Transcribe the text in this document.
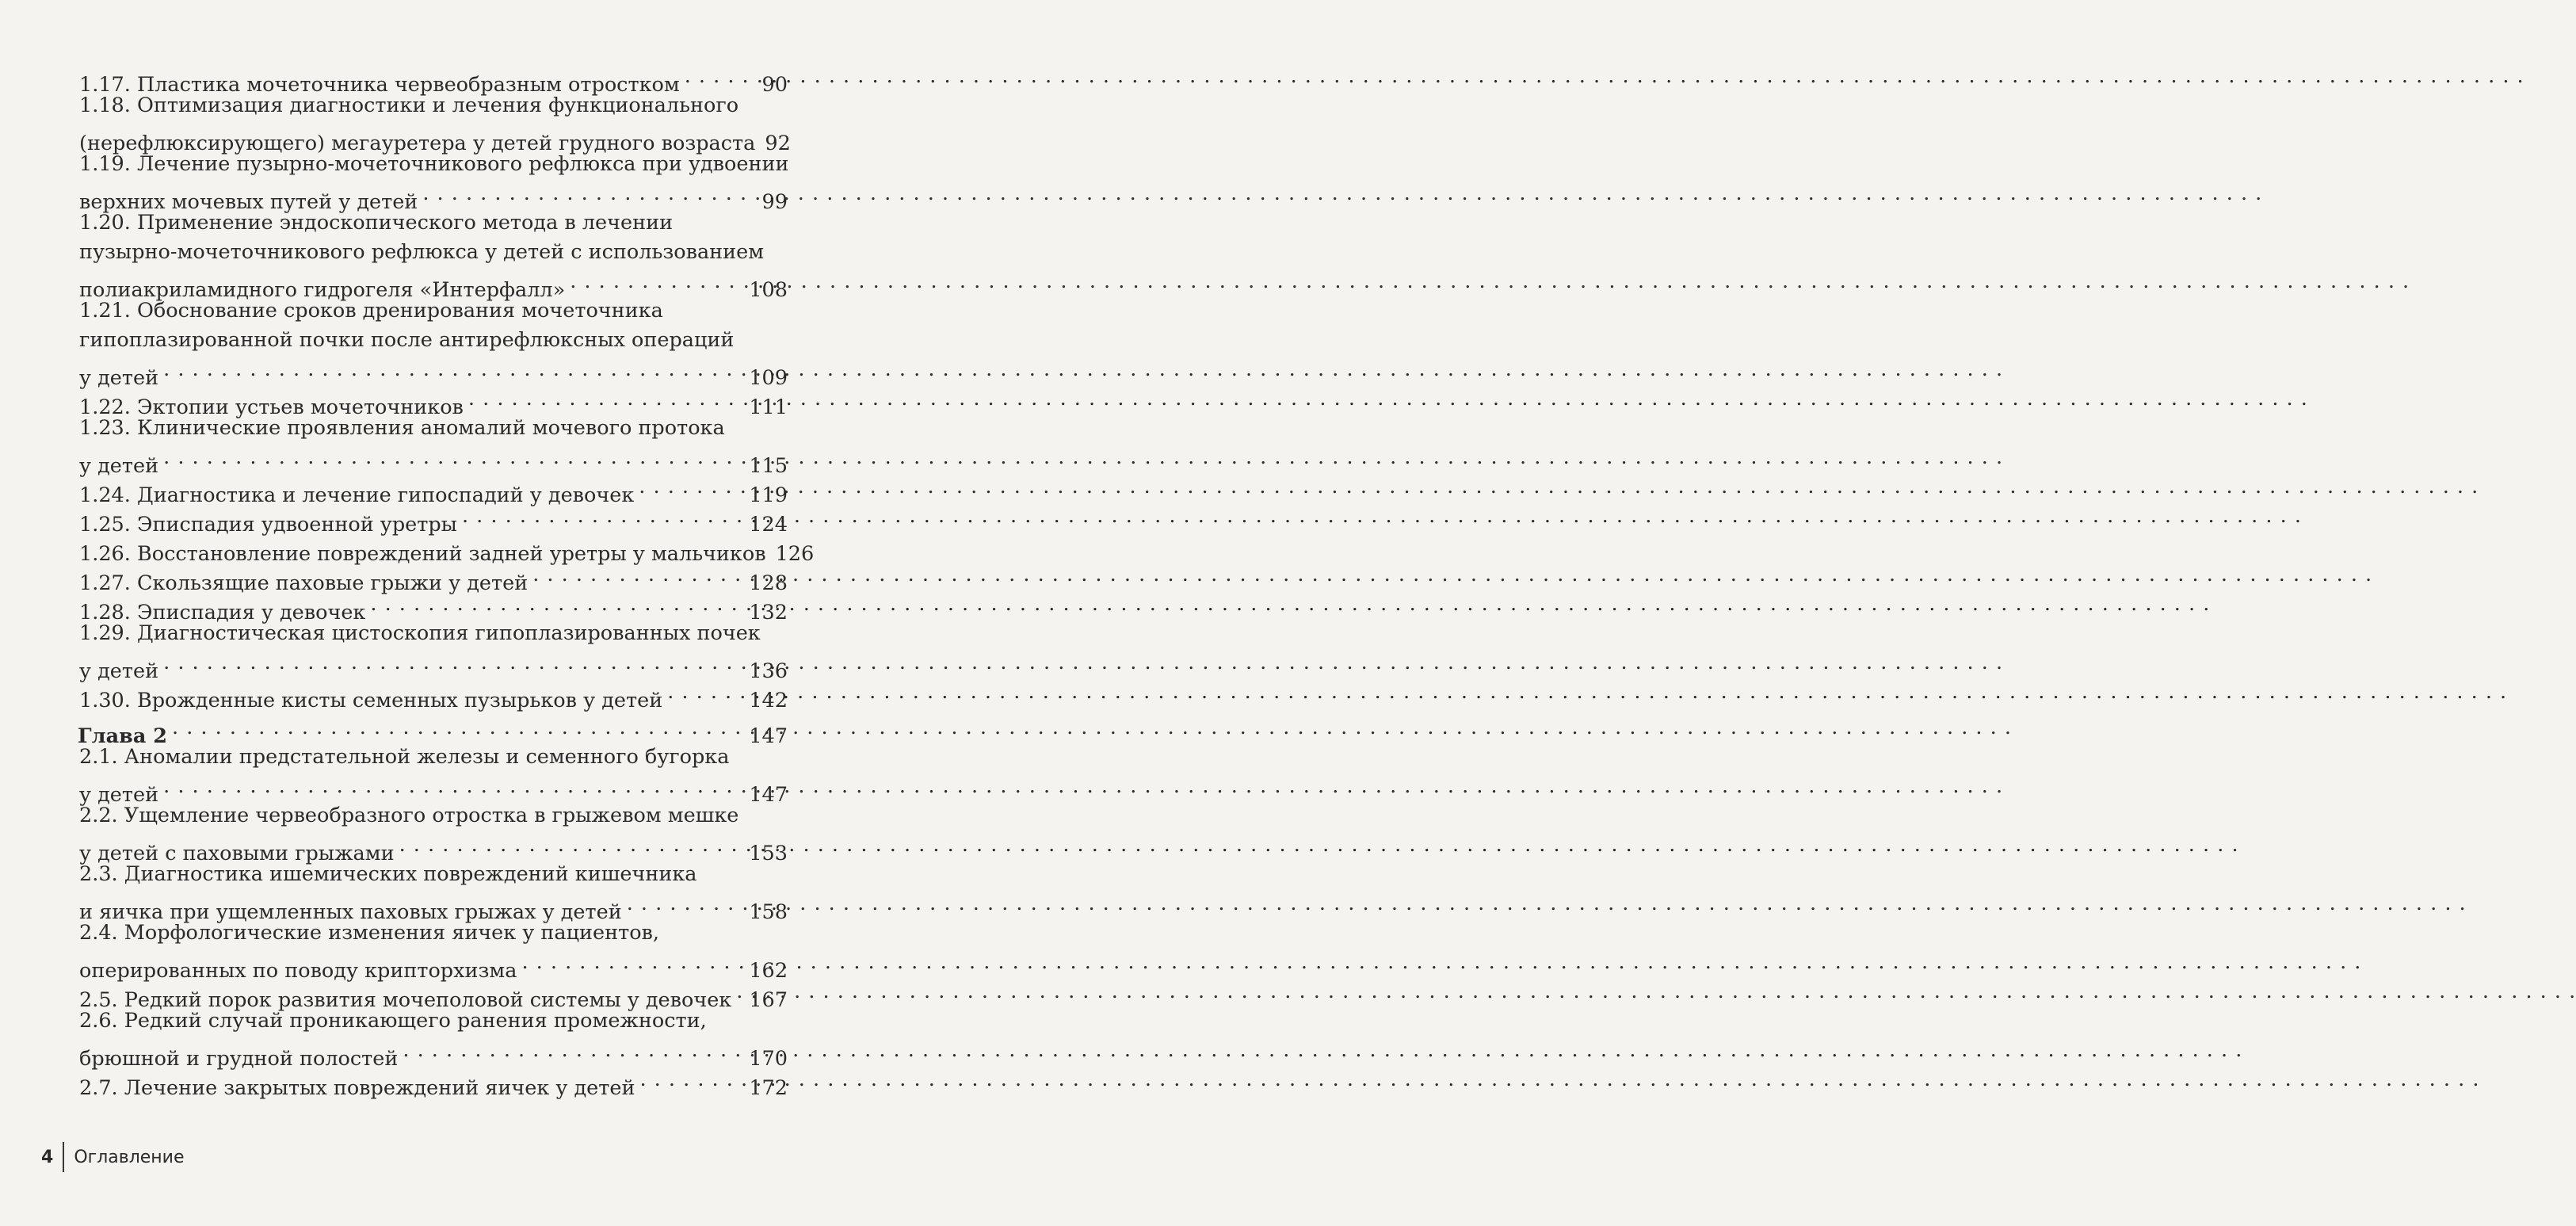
1.17. Пластика мочеточника червеобразным отростком . . .	90
1.18. Оптимизация диагностики и лечения функционального
(нерефлюксирующего) мегауретера у детей грудного возраста 92
1.19. Лечение пузырно-мочеточникового рефлюкса при удвоении
верхних мочевых путей у детей . . .	99
1.20. Применение эндоскопического метода в лечении
пузырно-мочеточникового рефлюкса у детей с использованием
полиакриламидного гидрогеля «Интерфалл» . . .	108
1.21. Обоснование сроков дренирования мочеточника
гипоплазированной почки после антирефлюксных операций
у детей . . .	109
1.22. Эктопии устьев мочеточников . . .	111
1.23. Клинические проявления аномалий мочевого протока
у детей . . .	115
1.24. Диагностика и лечение гипоспадий у девочек . . .	119
1.25. Эписпадия удвоенной уретры . . .	124
1.26. Восстановление повреждений задней уретры у мальчиков 126
1.27. Скользящие паховые грыжи у детей . . .	128
1.28. Эписпадия у девочек . . .	132
1.29. Диагностическая цистоскопия гипоплазированных почек
у детей . . .	136
1.30. Врожденные кисты семенных пузырьков у детей . . .	142
Глава 2 . . .	147
2.1. Аномалии предстательной железы и семенного бугорка
у детей . . .	147
2.2. Ущемление червеобразного отростка в грыжевом мешке
у детей с паховыми грыжами . . .	153
2.3. Диагностика ишемических повреждений кишечника
и яичка при ущемленных паховых грыжах у детей . . .	158
2.4. Морфологические изменения яичек у пациентов,
оперированных по поводу крипторхизма . . .	162
2.5. Редкий порок развития мочеполовой системы у девочек . . . 167
2.6. Редкий случай проникающего ранения промежности,
брюшной и грудной полостей . . .	170
2.7. Лечение закрытых повреждений яичек у детей . . .	172
4 Оглавление
